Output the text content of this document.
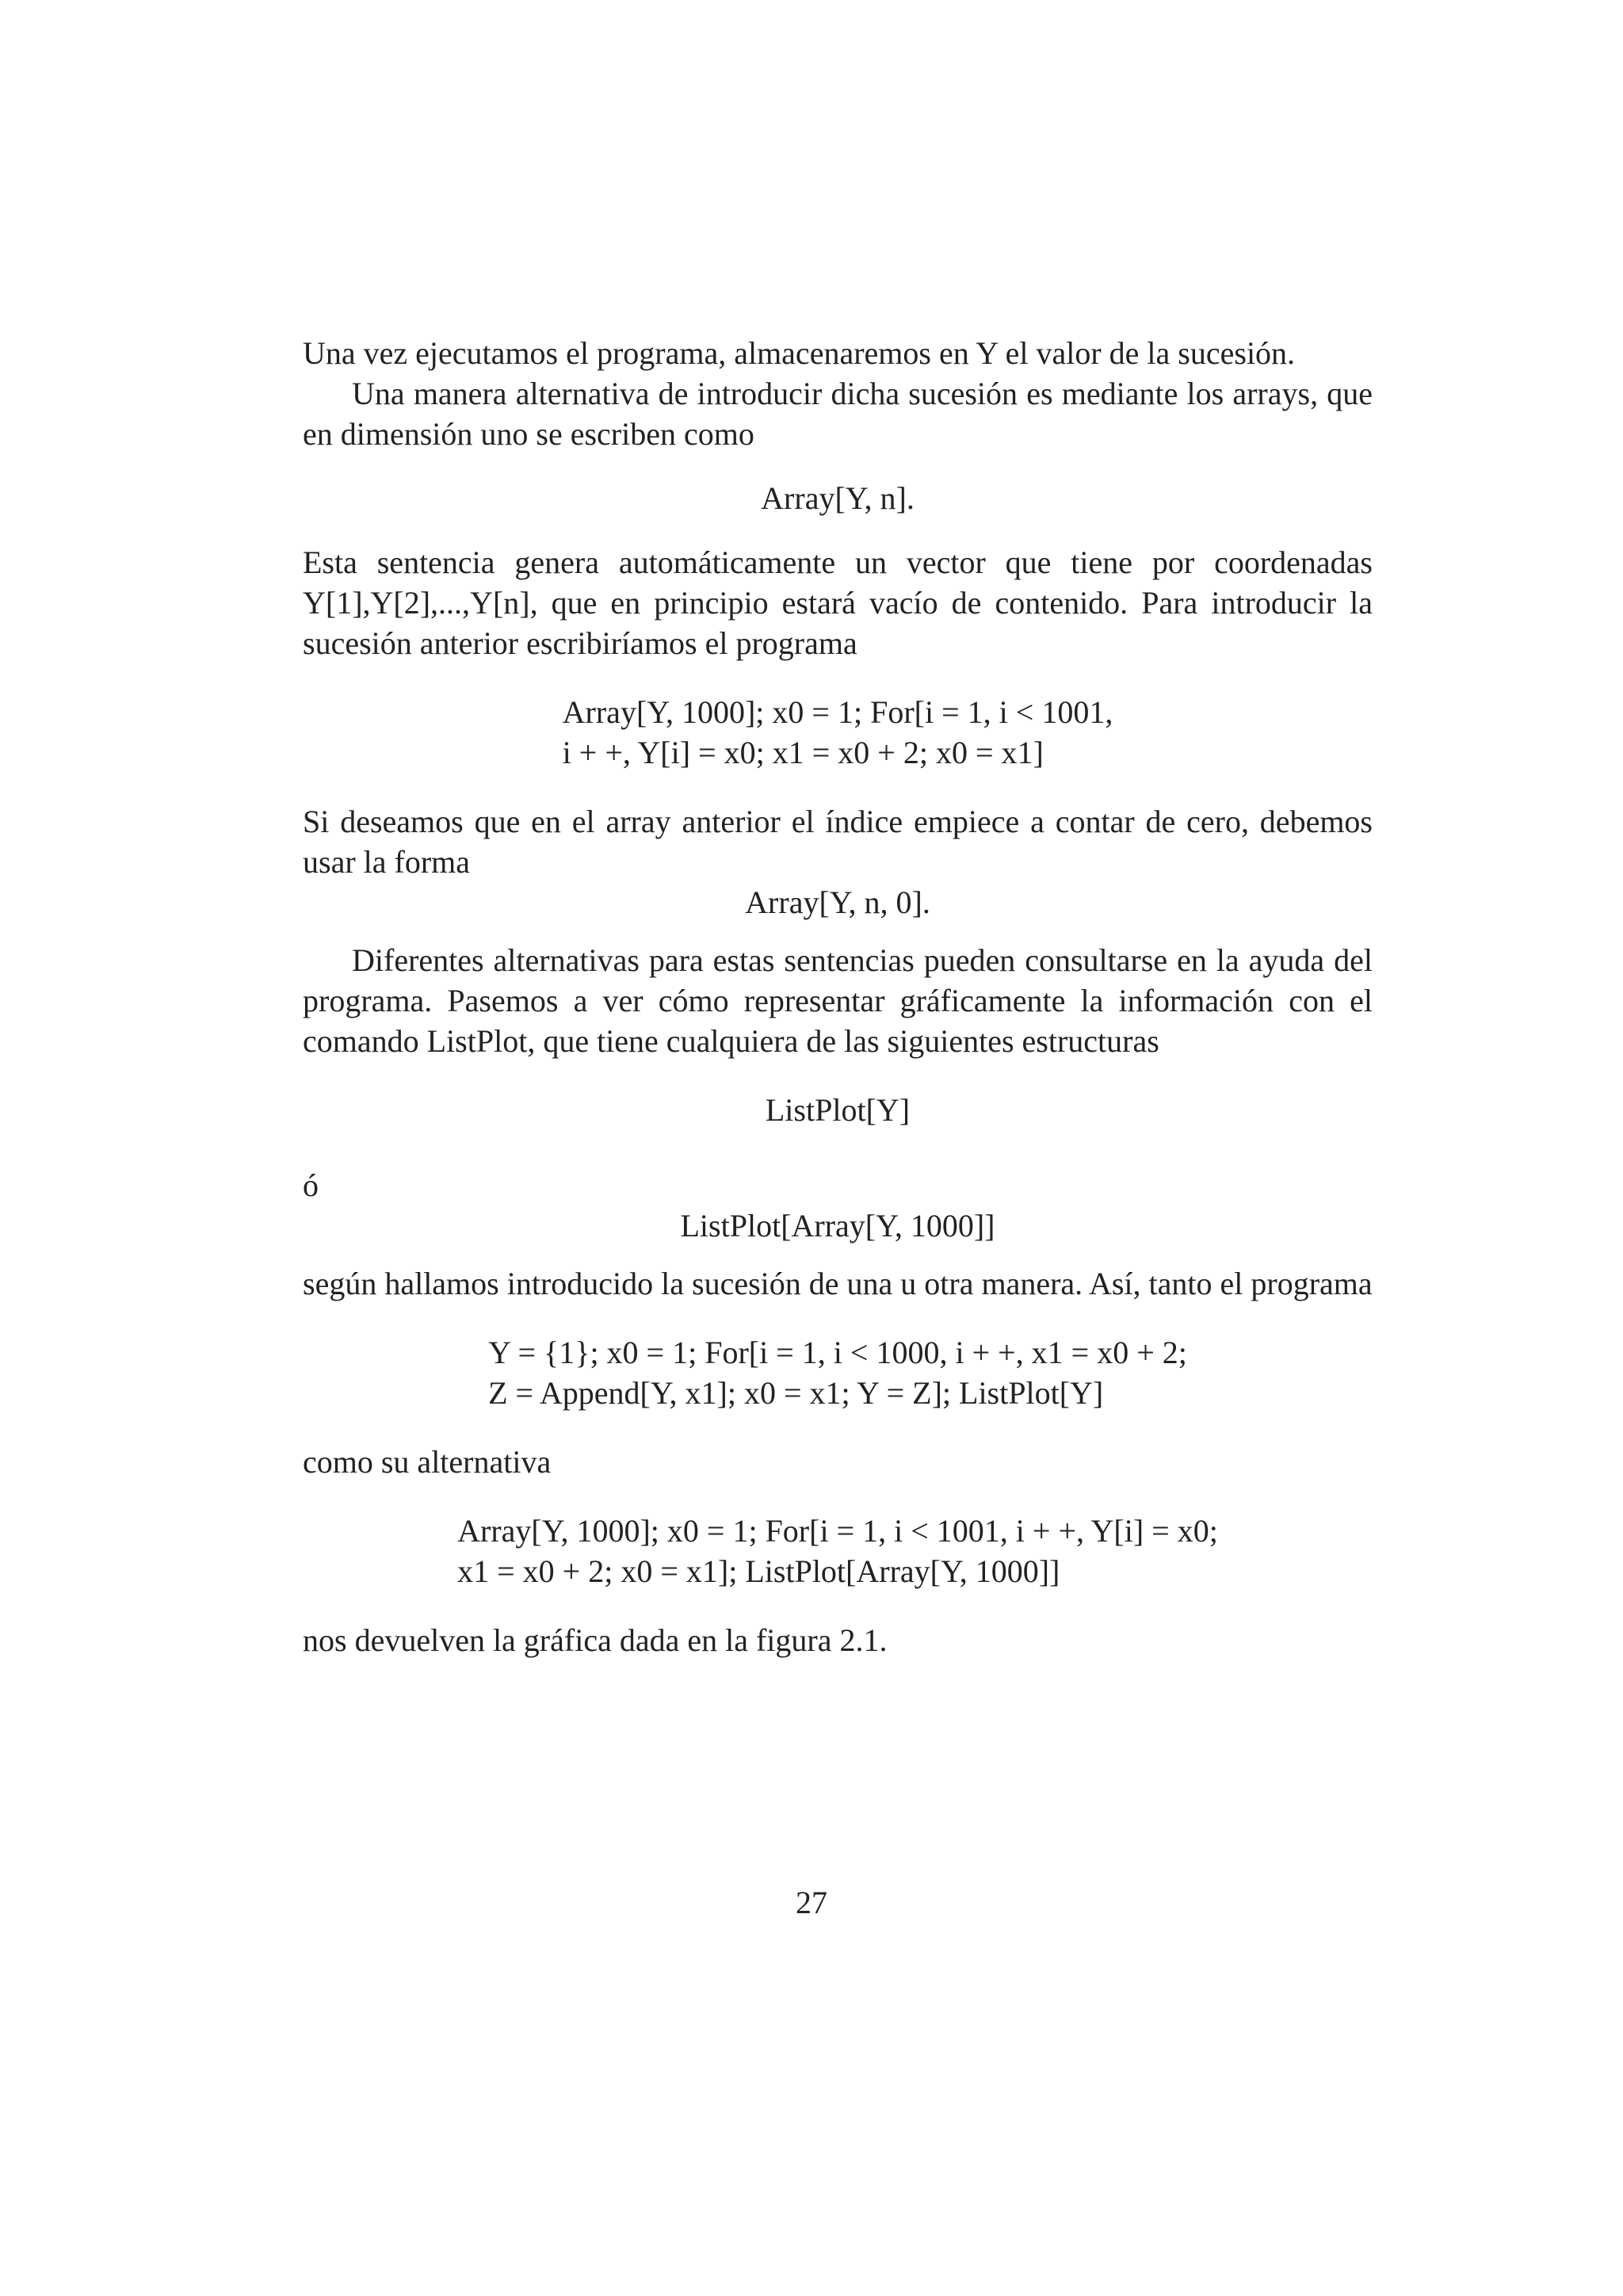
Una vez ejecutamos el programa, almacenaremos en Y el valor de la sucesión.

Una manera alternativa de introducir dicha sucesión es mediante los arrays, que en dimensión uno se escriben como

Array[Y, n].

Esta sentencia genera automáticamente un vector que tiene por coordenadas Y[1],Y[2],...,Y[n], que en principio estará vacío de contenido. Para introducir la sucesión anterior escribiríamos el programa

Array[Y, 1000]; x0 = 1; For[i = 1, i < 1001,
i + +, Y[i] = x0; x1 = x0 + 2; x0 = x1]

Si deseamos que en el array anterior el índice empiece a contar de cero, debemos usar la forma

Array[Y, n, 0].

Diferentes alternativas para estas sentencias pueden consultarse en la ayuda del programa. Pasemos a ver cómo representar gráficamente la información con el comando ListPlot, que tiene cualquiera de las siguientes estructuras

ListPlot[Y]

ó

ListPlot[Array[Y, 1000]]

según hallamos introducido la sucesión de una u otra manera. Así, tanto el programa

Y = {1}; x0 = 1; For[i = 1, i < 1000, i + +, x1 = x0 + 2;
Z = Append[Y, x1]; x0 = x1; Y = Z]; ListPlot[Y]

como su alternativa

Array[Y, 1000]; x0 = 1; For[i = 1, i < 1001, i + +, Y[i] = x0;
x1 = x0 + 2; x0 = x1]; ListPlot[Array[Y, 1000]]

nos devuelven la gráfica dada en la figura 2.1.

27
